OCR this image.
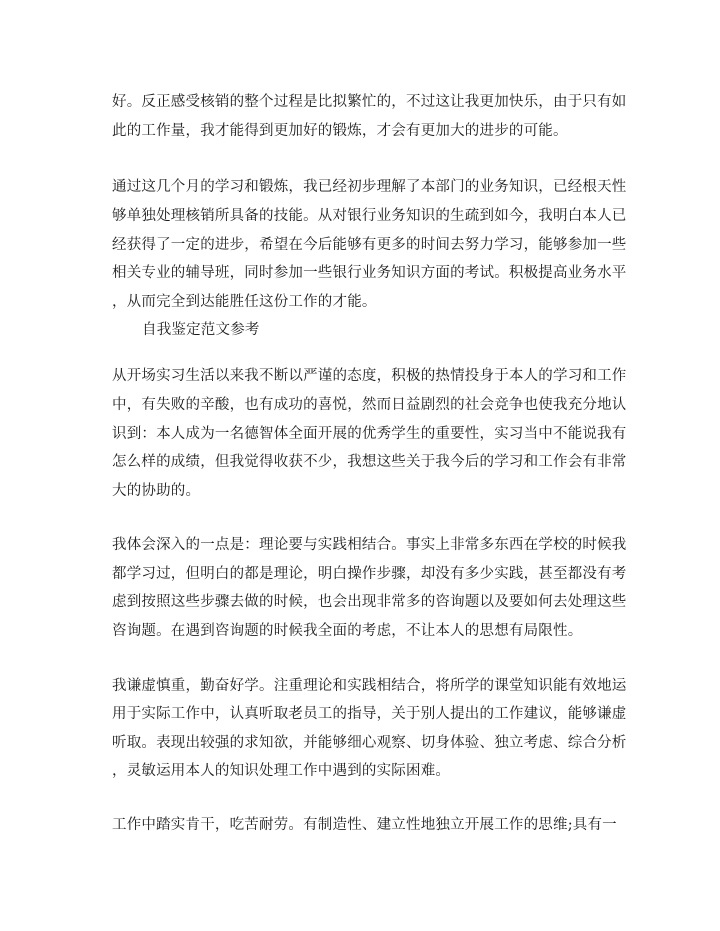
好。反正感受核销的整个过程是比拟繁忙的，不过这让我更加快乐，由于只有如

此的工作量，我才能得到更加好的锻炼，才会有更加大的进步的可能。

通过这几个月的学习和锻炼，我已经初步理解了本部门的业务知识，已经根天性

够单独处理核销所具备的技能。从对银行业务知识的生疏到如今，我明白本人已

经获得了一定的进步，希望在今后能够有更多的时间去努力学习，能够参加一些

相关专业的辅导班，同时参加一些银行业务知识方面的考试。积极提高业务水平

，从而完全到达能胜任这份工作的才能。

自我鉴定范文参考

从开场实习生活以来我不断以严谨的态度，积极的热情投身于本人的学习和工作

中，有失败的辛酸，也有成功的喜悦，然而日益剧烈的社会竞争也使我充分地认

识到：本人成为一名德智体全面开展的优秀学生的重要性，实习当中不能说我有

怎么样的成绩，但我觉得收获不少，我想这些关于我今后的学习和工作会有非常

大的协助的。

我体会深入的一点是：理论要与实践相结合。事实上非常多东西在学校的时候我

都学习过，但明白的都是理论，明白操作步骤，却没有多少实践，甚至都没有考

虑到按照这些步骤去做的时候，也会出现非常多的咨询题以及要如何去处理这些

咨询题。在遇到咨询题的时候我全面的考虑，不让本人的思想有局限性。

我谦虚慎重，勤奋好学。注重理论和实践相结合，将所学的课堂知识能有效地运

用于实际工作中，认真听取老员工的指导，关于别人提出的工作建议，能够谦虚

听取。表现出较强的求知欲，并能够细心观察、切身体验、独立考虑、综合分析

，灵敏运用本人的知识处理工作中遇到的实际困难。

工作中踏实肯干，吃苦耐劳。有制造性、建立性地独立开展工作的思维;具有一
